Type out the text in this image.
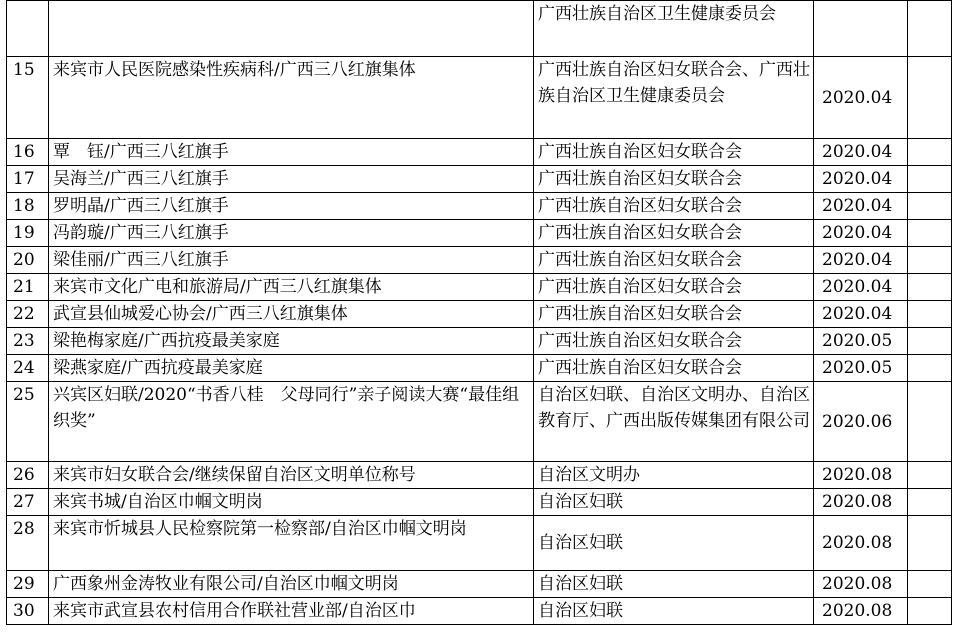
		广西壮族自治区卫生健康委员会		
15	来宾市人民医院感染性疾病科/广西三八红旗集体	广西壮族自治区妇女联合会、广西壮族自治区卫生健康委员会	2020.04	
16	覃　钰/广西三八红旗手	广西壮族自治区妇女联合会	2020.04	
17	吴海兰/广西三八红旗手	广西壮族自治区妇女联合会	2020.04	
18	罗明晶/广西三八红旗手	广西壮族自治区妇女联合会	2020.04	
19	冯韵璇/广西三八红旗手	广西壮族自治区妇女联合会	2020.04	
20	梁佳丽/广西三八红旗手	广西壮族自治区妇女联合会	2020.04	
21	来宾市文化广电和旅游局/广西三八红旗集体	广西壮族自治区妇女联合会	2020.04	
22	武宣县仙城爱心协会/广西三八红旗集体	广西壮族自治区妇女联合会	2020.04	
23	梁艳梅家庭/广西抗疫最美家庭	广西壮族自治区妇女联合会	2020.05	
24	梁燕家庭/广西抗疫最美家庭	广西壮族自治区妇女联合会	2020.05	
25	兴宾区妇联/2020“书香八桂　父母同行”亲子阅读大赛“最佳组织奖”	自治区妇联、自治区文明办、自治区教育厅、广西出版传媒集团有限公司	2020.06	
26	来宾市妇女联合会/继续保留自治区文明单位称号	自治区文明办	2020.08	
27	来宾书城/自治区巾帼文明岗	自治区妇联	2020.08	
28	来宾市忻城县人民检察院第一检察部/自治区巾帼文明岗	自治区妇联	2020.08	
29	广西象州金涛牧业有限公司/自治区巾帼文明岗	自治区妇联	2020.08	
30	来宾市武宣县农村信用合作联社营业部/自治区巾	自治区妇联	2020.08	
